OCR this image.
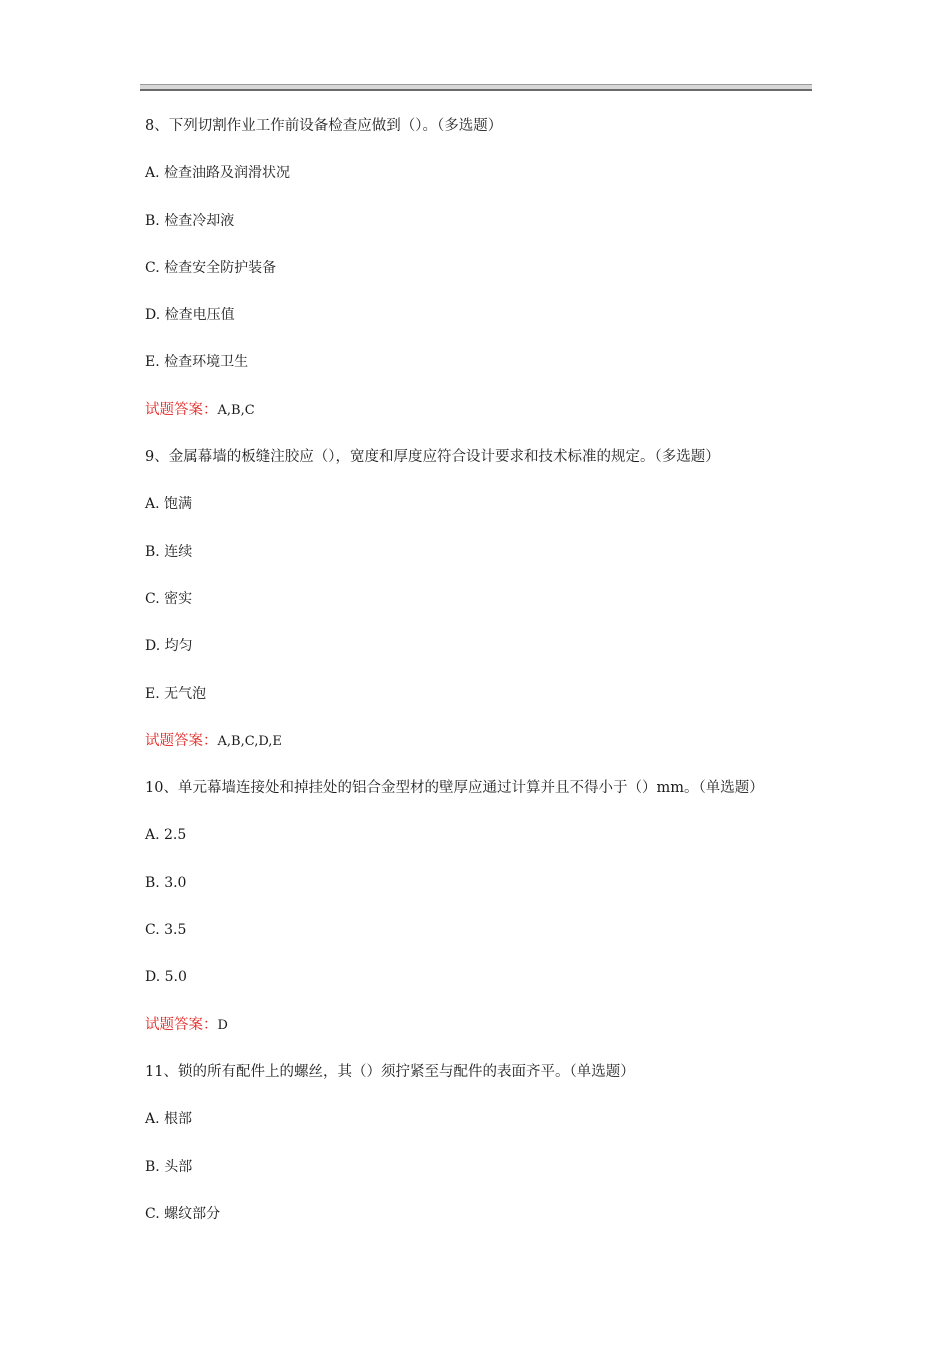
8、下列切割作业工作前设备检查应做到（）。（多选题）
A. 检查油路及润滑状况
B. 检查冷却液
C. 检查安全防护装备
D. 检查电压值
E. 检查环境卫生
试题答案：A,B,C
9、金属幕墙的板缝注胶应（），宽度和厚度应符合设计要求和技术标准的规定。（多选题）
A. 饱满
B. 连续
C. 密实
D. 均匀
E. 无气泡
试题答案：A,B,C,D,E
10、单元幕墙连接处和掉挂处的铝合金型材的壁厚应通过计算并且不得小于（）mm。（单选题）
A. 2.5
B. 3.0
C. 3.5
D. 5.0
试题答案：D
11、锁的所有配件上的螺丝，其（）须拧紧至与配件的表面齐平。（单选题）
A. 根部
B. 头部
C. 螺纹部分
